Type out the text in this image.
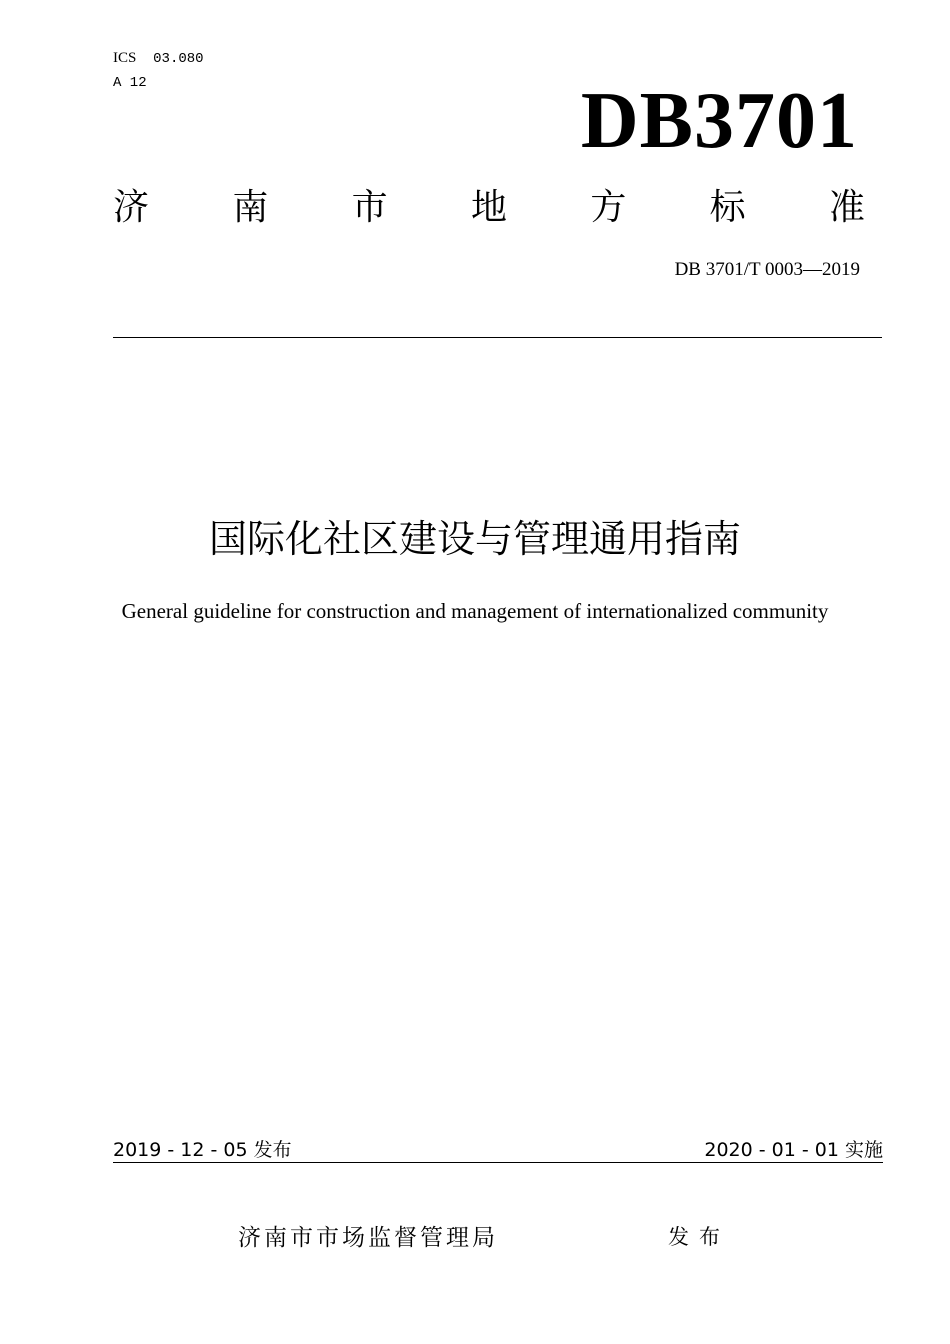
ICS 03.080
A 12	DB3701
济 南 市 地 方 标 准
DB 3701/T 0003—2019
国际化社区建设与管理通用指南
General guideline for construction and management of internationalized community
2019 - 12 - 05 发布	2020 - 01 - 01 实施
济南市市场监督管理局	发布
